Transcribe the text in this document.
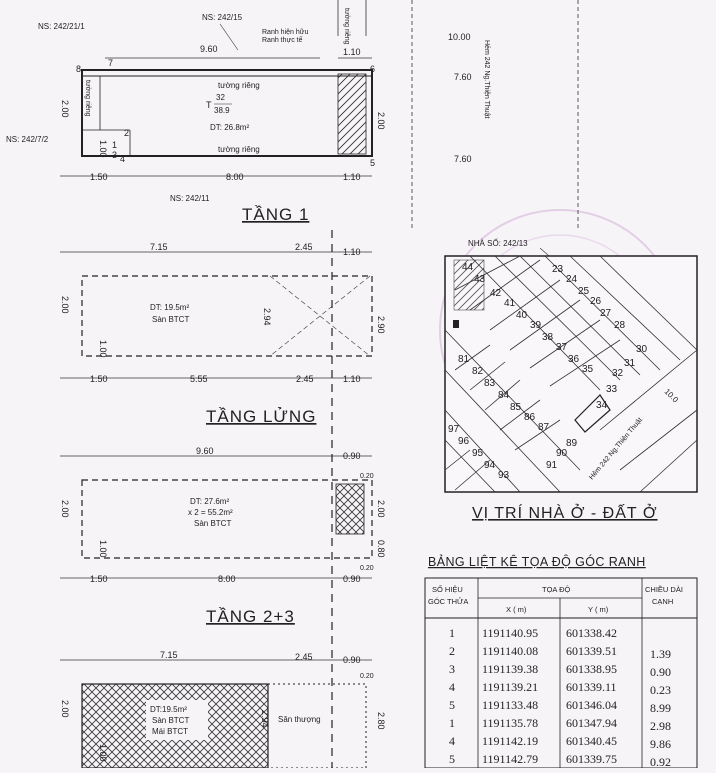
NS: 242/21/1
NS: 242/15
Ranh hiện hữu
Ranh thực tế	tường riêng
9.60	1.10
tường riêng
tường riêng
tường riêng
8
7
6
5
4
3
2
1
T
32
38.9
DT: 26.8m²
2.00
2.00
1.00
NS: 242/7/2
1.50	8.00	1.10
NS: 242/11
TẦNG 1
10.00
7.60
7.60
Hẻm 242 Ng.Thiện Thuật
7.15	2.45	1.10
DT: 19.5m²
Sàn BTCT
2.00
2.94	2.90
1.00
1.50	5.55	2.45	1.10
TẦNG LỬNG
9.60	0.90
DT: 27.6m²
x 2 = 55.2m²
Sàn BTCT
0.20
2.00
0.80
0.20
2.00
1.00
1.50	8.00	0.90
TẦNG 2+3
7.15	2.45	0.90
0.20
DT:19.5m²
Sàn BTCT
Mái BTCT
Sân thượng
2.94	2.80
2.00
1.00
NHÀ SỐ: 242/13
10.0
Hẻm 242 Ng.Thiện Thuật
44
43
42
41
40
39
38
37
36
35
23
24
25
26
27
28
30
31
32
33
34
81
82
83
84
85
86
87
89
90
91
93
94
95
96
97
VỊ TRÍ NHÀ Ở - ĐẤT Ở
BẢNG LIỆT KÊ TỌA ĐỘ GÓC RANH
SỐ HIỆU
GÓC THỬA
TỌA ĐỘ
X ( m)	Y ( m)
CHIỀU DÀI
CẠNH
1 1191140.95 601338.42
2 1191140.08 601339.51	1.39
3 1191139.38 601338.95	0.90
4 1191139.21 601339.11	0.23
5 1191133.48 601346.04	8.99
1 1191135.78 601347.94	2.98
4 1191142.19 601340.45	9.86
5 1191142.79 601339.75	0.92
